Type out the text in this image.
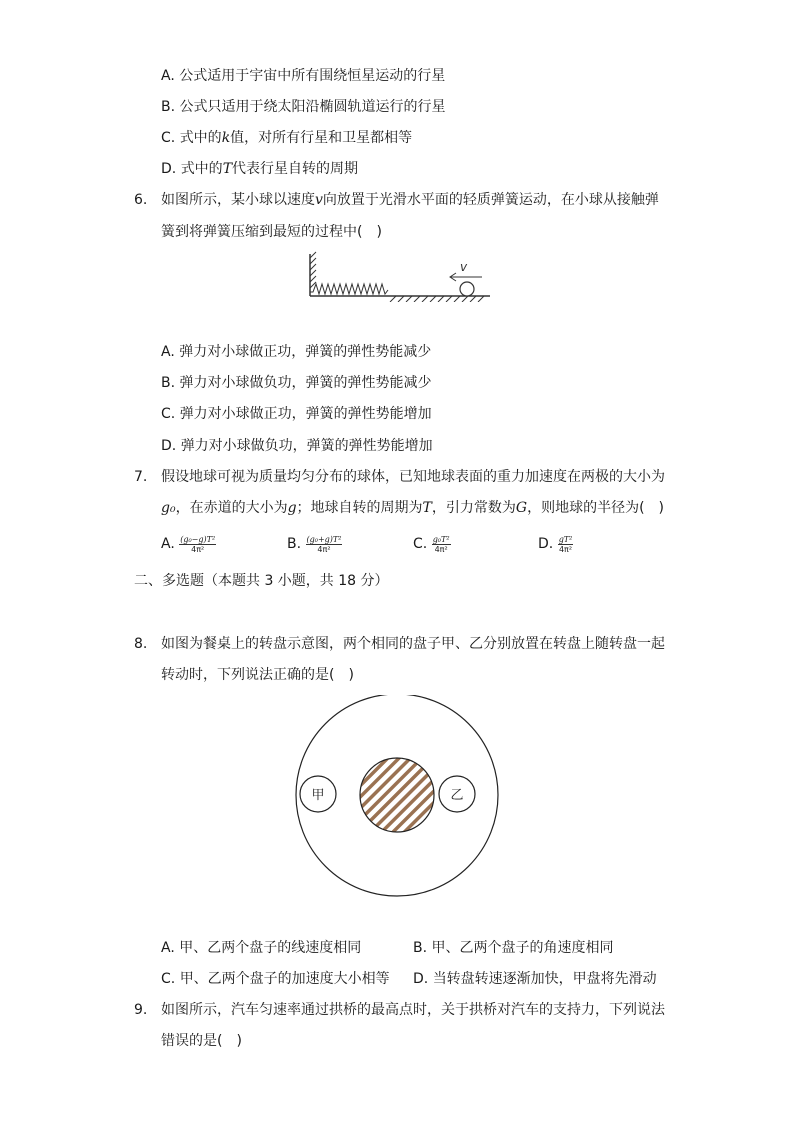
A. 公式适用于宇宙中所有围绕恒星运动的行星
B. 公式只适用于绕太阳沿椭圆轨道运行的行星
C. 式中的k值，对所有行星和卫星都相等
D. 式中的T代表行星自转的周期
6. 如图所示，某小球以速度v向放置于光滑水平面的轻质弹簧运动，在小球从接触弹
簧到将弹簧压缩到最短的过程中(　)
v
A. 弹力对小球做正功，弹簧的弹性势能减少
B. 弹力对小球做负功，弹簧的弹性势能减少
C. 弹力对小球做正功，弹簧的弹性势能增加
D. 弹力对小球做负功，弹簧的弹性势能增加
7. 假设地球可视为质量均匀分布的球体，已知地球表面的重力加速度在两极的大小为
g₀，在赤道的大小为g；地球自转的周期为T，引力常数为G，则地球的半径为(　)
A. $\frac{\text{(g₀−g)T²}}{\text{4π²}}$	B. $\frac{\text{(g₀+g)T²}}{\text{4π²}}$	C. $\frac{\text{g₀T²}}{\text{4π²}}$	D. $\frac{\text{gT²}}{\text{4π²}}$
二、多选题（本题共 3 小题，共 18 分）
8. 如图为餐桌上的转盘示意图，两个相同的盘子甲、乙分别放置在转盘上随转盘一起
转动时，下列说法正确的是(　)
甲	乙
A. 甲、乙两个盘子的线速度相同	B. 甲、乙两个盘子的角速度相同
C. 甲、乙两个盘子的加速度大小相等 D. 当转盘转速逐渐加快，甲盘将先滑动
9. 如图所示，汽车匀速率通过拱桥的最高点时，关于拱桥对汽车的支持力，下列说法
错误的是(　)
